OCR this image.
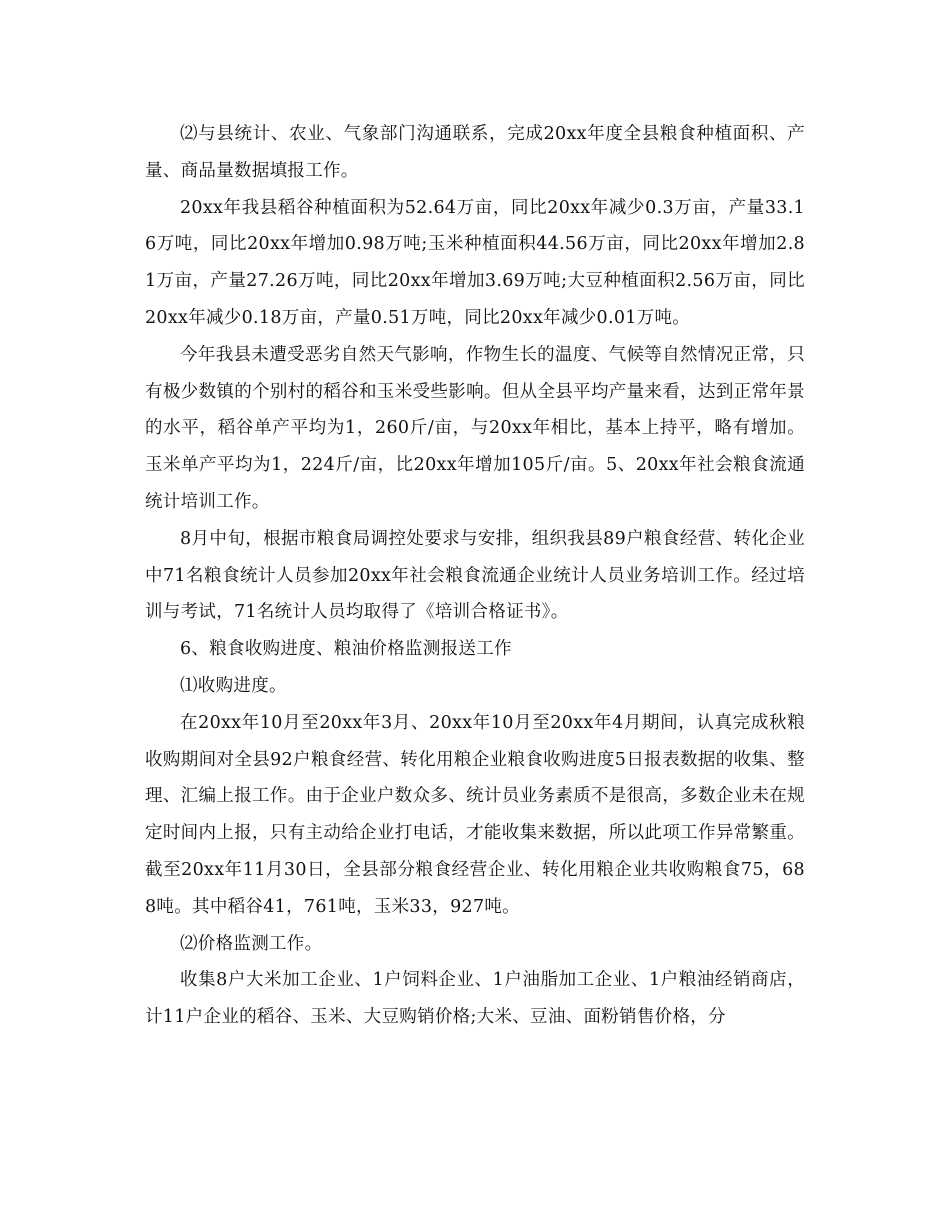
⑵与县统计、农业、气象部门沟通联系，完成20xx年度全县粮食种植面积、产量、商品量数据填报工作。

20xx年我县稻谷种植面积为52.64万亩，同比20xx年减少0.3万亩，产量33.16万吨，同比20xx年增加0.98万吨;玉米种植面积44.56万亩，同比20xx年增加2.81万亩，产量27.26万吨，同比20xx年增加3.69万吨;大豆种植面积2.56万亩，同比20xx年减少0.18万亩，产量0.51万吨，同比20xx年减少0.01万吨。

今年我县未遭受恶劣自然天气影响，作物生长的温度、气候等自然情况正常，只有极少数镇的个别村的稻谷和玉米受些影响。但从全县平均产量来看，达到正常年景的水平，稻谷单产平均为1，260斤/亩，与20xx年相比，基本上持平，略有增加。玉米单产平均为1，224斤/亩，比20xx年增加105斤/亩。5、20xx年社会粮食流通统计培训工作。

8月中旬，根据市粮食局调控处要求与安排，组织我县89户粮食经营、转化企业中71名粮食统计人员参加20xx年社会粮食流通企业统计人员业务培训工作。经过培训与考试，71名统计人员均取得了《培训合格证书》。

6、粮食收购进度、粮油价格监测报送工作

⑴收购进度。

在20xx年10月至20xx年3月、20xx年10月至20xx年4月期间，认真完成秋粮收购期间对全县92户粮食经营、转化用粮企业粮食收购进度5日报表数据的收集、整理、汇编上报工作。由于企业户数众多、统计员业务素质不是很高，多数企业未在规定时间内上报，只有主动给企业打电话，才能收集来数据，所以此项工作异常繁重。截至20xx年11月30日，全县部分粮食经营企业、转化用粮企业共收购粮食75，688吨。其中稻谷41，761吨，玉米33，927吨。

⑵价格监测工作。

收集8户大米加工企业、1户饲料企业、1户油脂加工企业、1户粮油经销商店，计11户企业的稻谷、玉米、大豆购销价格;大米、豆油、面粉销售价格，分
